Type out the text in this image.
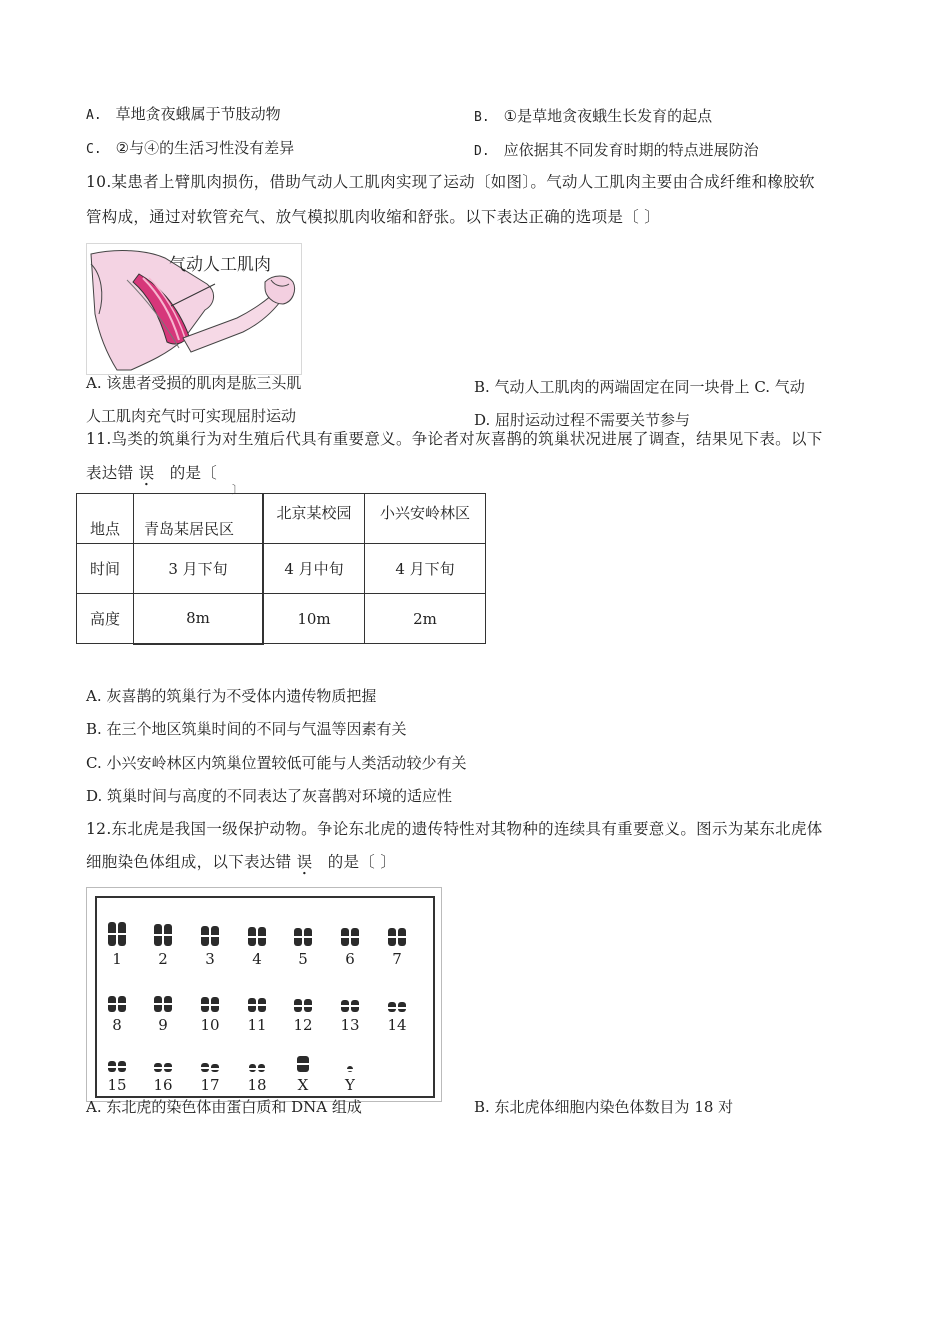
A. 草地贪夜蛾属于节肢动物	B. ①是草地贪夜蛾生长发育的起点
C. ②与④的生活习性没有差异	D. 应依据其不同发育时期的特点进展防治
10.某患者上臂肌肉损伤，借助气动人工肌肉实现了运动〔如图〕。气动人工肌肉主要由合成纤维和橡胶软
管构成，通过对软管充气、放气模拟肌肉收缩和舒张。以下表达正确的选项是〔 〕
气动人工肌肉
A. 该患者受损的肌肉是肱三头肌	B. 气动人工肌肉的两端固定在同一块骨上 C. 气动
人工肌肉充气时可实现屈肘运动	D. 屈肘运动过程不需要关节参与
11.鸟类的筑巢行为对生殖后代具有重要意义。争论者对灰喜鹊的筑巢状况进展了调查，结果见下表。以下
表达错 误 的是〔
〕
地点	青岛某居民区	北京某校园	小兴安岭林区
时间	3 月下旬	4 月中旬	4 月下旬
高度	8m	10m	2m
A. 灰喜鹊的筑巢行为不受体内遗传物质把握
B. 在三个地区筑巢时间的不同与气温等因素有关
C. 小兴安岭林区内筑巢位置较低可能与人类活动较少有关
D. 筑巢时间与高度的不同表达了灰喜鹊对环境的适应性
12.东北虎是我国一级保护动物。争论东北虎的遗传特性对其物种的连续具有重要意义。图示为某东北虎体
细胞染色体组成，以下表达错 误 的是〔 〕
1	2	3	4	5	6	7
8	9	10	11	12	13	14
15	16	17	18	X	Y
A. 东北虎的染色体由蛋白质和 DNA 组成	B. 东北虎体细胞内染色体数目为 18 对
